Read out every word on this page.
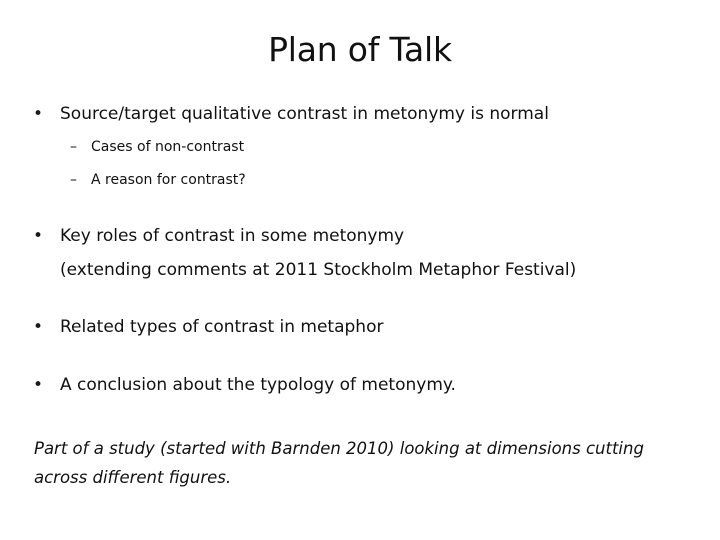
Plan of Talk
• Source/target qualitative contrast in metonymy is normal
– Cases of non-contrast
– A reason for contrast?
• Key roles of contrast in some metonymy
(extending comments at 2011 Stockholm Metaphor Festival)
• Related types of contrast in metaphor
• A conclusion about the typology of metonymy.
Part of a study (started with Barnden 2010) looking at dimensions cutting across different figures.
